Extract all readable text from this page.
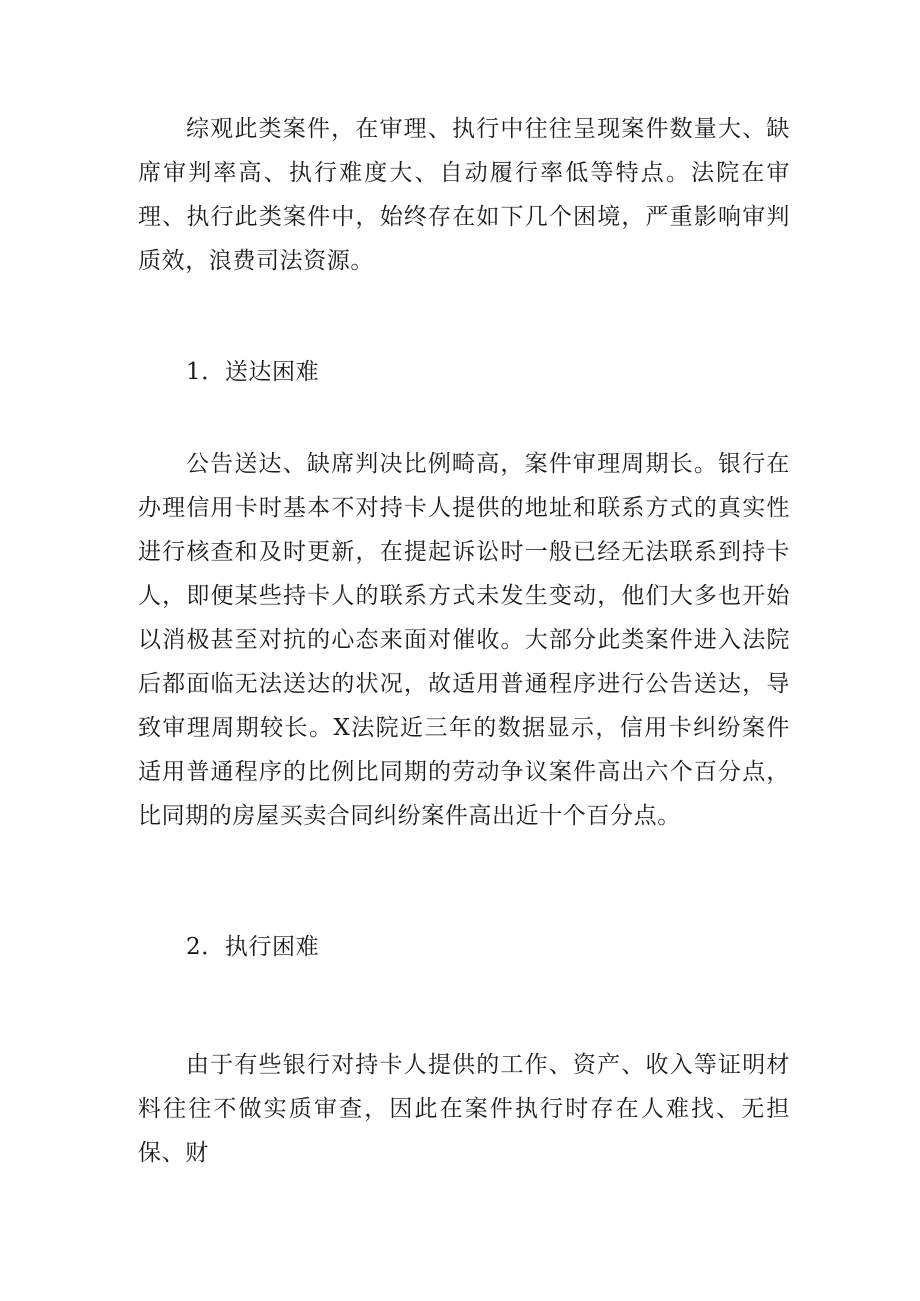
综观此类案件，在审理、执行中往往呈现案件数量大、缺席审判率高、执行难度大、自动履行率低等特点。法院在审理、执行此类案件中，始终存在如下几个困境，严重影响审判质效，浪费司法资源。

1．送达困难

公告送达、缺席判决比例畸高，案件审理周期长。银行在办理信用卡时基本不对持卡人提供的地址和联系方式的真实性进行核查和及时更新，在提起诉讼时一般已经无法联系到持卡人，即便某些持卡人的联系方式未发生变动，他们大多也开始以消极甚至对抗的心态来面对催收。大部分此类案件进入法院后都面临无法送达的状况，故适用普通程序进行公告送达，导致审理周期较长。X法院近三年的数据显示，信用卡纠纷案件适用普通程序的比例比同期的劳动争议案件高出六个百分点，比同期的房屋买卖合同纠纷案件高出近十个百分点。

2．执行困难

由于有些银行对持卡人提供的工作、资产、收入等证明材料往往不做实质审查，因此在案件执行时存在人难找、无担保、财
